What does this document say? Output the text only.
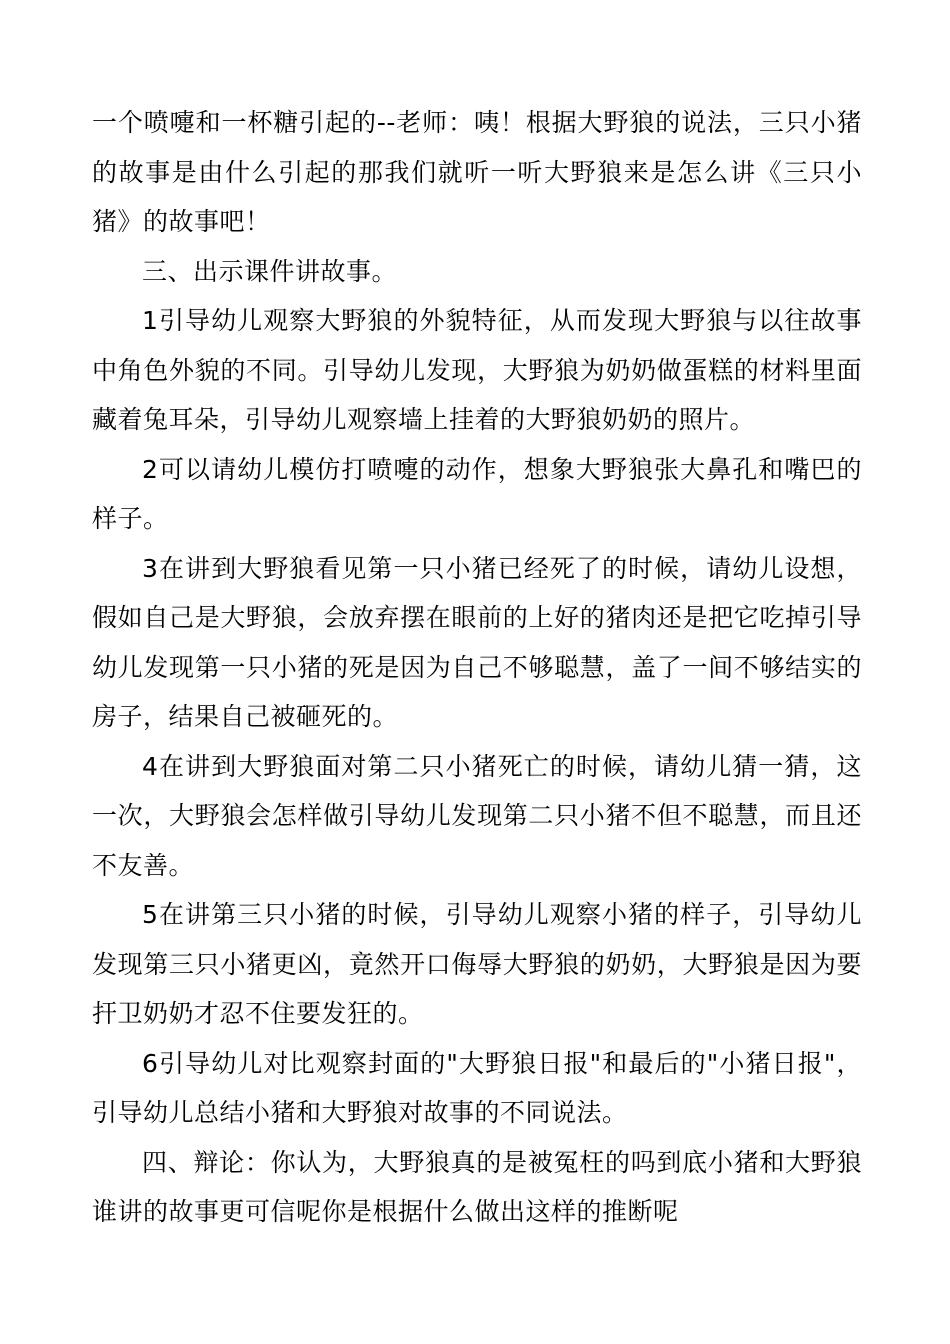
一个喷嚏和一杯糖引起的--老师：咦！根据大野狼的说法，三只小猪的故事是由什么引起的那我们就听一听大野狼来是怎么讲《三只小猪》的故事吧！

三、出示课件讲故事。

1引导幼儿观察大野狼的外貌特征，从而发现大野狼与以往故事中角色外貌的不同。引导幼儿发现，大野狼为奶奶做蛋糕的材料里面藏着兔耳朵，引导幼儿观察墙上挂着的大野狼奶奶的照片。

2可以请幼儿模仿打喷嚏的动作，想象大野狼张大鼻孔和嘴巴的样子。

3在讲到大野狼看见第一只小猪已经死了的时候，请幼儿设想，假如自己是大野狼，会放弃摆在眼前的上好的猪肉还是把它吃掉引导幼儿发现第一只小猪的死是因为自己不够聪慧，盖了一间不够结实的房子，结果自己被砸死的。

4在讲到大野狼面对第二只小猪死亡的时候，请幼儿猜一猜，这一次，大野狼会怎样做引导幼儿发现第二只小猪不但不聪慧，而且还不友善。

5在讲第三只小猪的时候，引导幼儿观察小猪的样子，引导幼儿发现第三只小猪更凶，竟然开口侮辱大野狼的奶奶，大野狼是因为要扞卫奶奶才忍不住要发狂的。

6引导幼儿对比观察封面的"大野狼日报"和最后的"小猪日报"，引导幼儿总结小猪和大野狼对故事的不同说法。

四、辩论：你认为，大野狼真的是被冤枉的吗到底小猪和大野狼谁讲的故事更可信呢你是根据什么做出这样的推断呢
